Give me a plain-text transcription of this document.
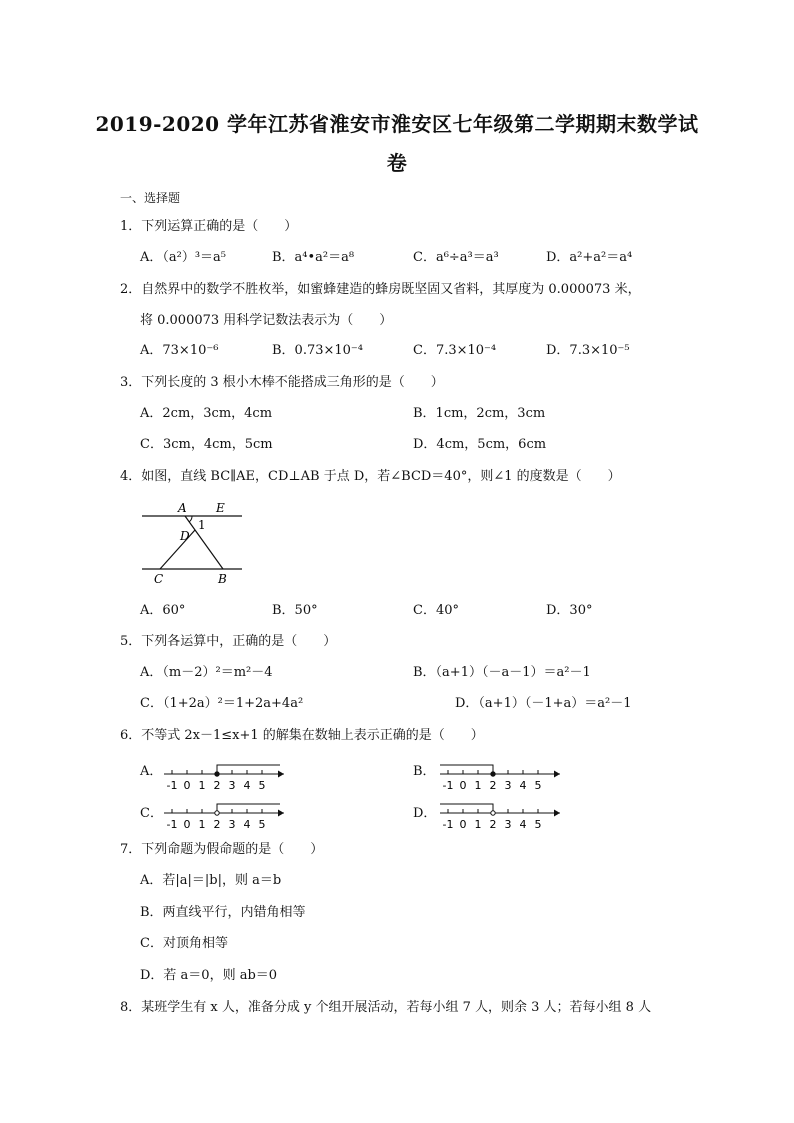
2019-2020 学年江苏省淮安市淮安区七年级第二学期期末数学试
卷
一、选择题
1．下列运算正确的是（　　）
A．（a²）³＝a⁵	B．a⁴•a²＝a⁸	C．a⁶÷a³＝a³	D．a²+a²＝a⁴
2．自然界中的数学不胜枚举，如蜜蜂建造的蜂房既坚固又省料，其厚度为 0.000073 米，
将 0.000073 用科学记数法表示为（　　）
A．73×10⁻⁶	B．0.73×10⁻⁴	C．7.3×10⁻⁴	D．7.3×10⁻⁵
3．下列长度的 3 根小木棒不能搭成三角形的是（　　）
A．2cm，3cm，4cm	B．1cm，2cm，3cm
C．3cm，4cm，5cm	D．4cm，5cm，6cm
4．如图，直线 BC∥AE，CD⊥AB 于点 D，若∠BCD＝40°，则∠1 的度数是（　　）
A E
1
D
C	B
A．60°	B．50°	C．40°	D．30°
5．下列各运算中，正确的是（　　）
A．（m－2）²＝m²－4	B．（a+1）（－a－1）＝a²－1
C．（1+2a）²＝1+2a+4a²	D．（a+1）（－1+a）＝a²－1
6．不等式 2x－1≤x+1 的解集在数轴上表示正确的是（　　）
A．
-1 0 1 2 3 4 5
B．
-1 0 1 2 3 4 5
C．
-1 0 1 2 3 4 5
D．
-1 0 1 2 3 4 5
7．下列命题为假命题的是（　　）
A．若|a|＝|b|，则 a＝b
B．两直线平行，内错角相等
C．对顶角相等
D．若 a＝0，则 ab＝0
8．某班学生有 x 人，准备分成 y 个组开展活动，若每小组 7 人，则余 3 人；若每小组 8 人
